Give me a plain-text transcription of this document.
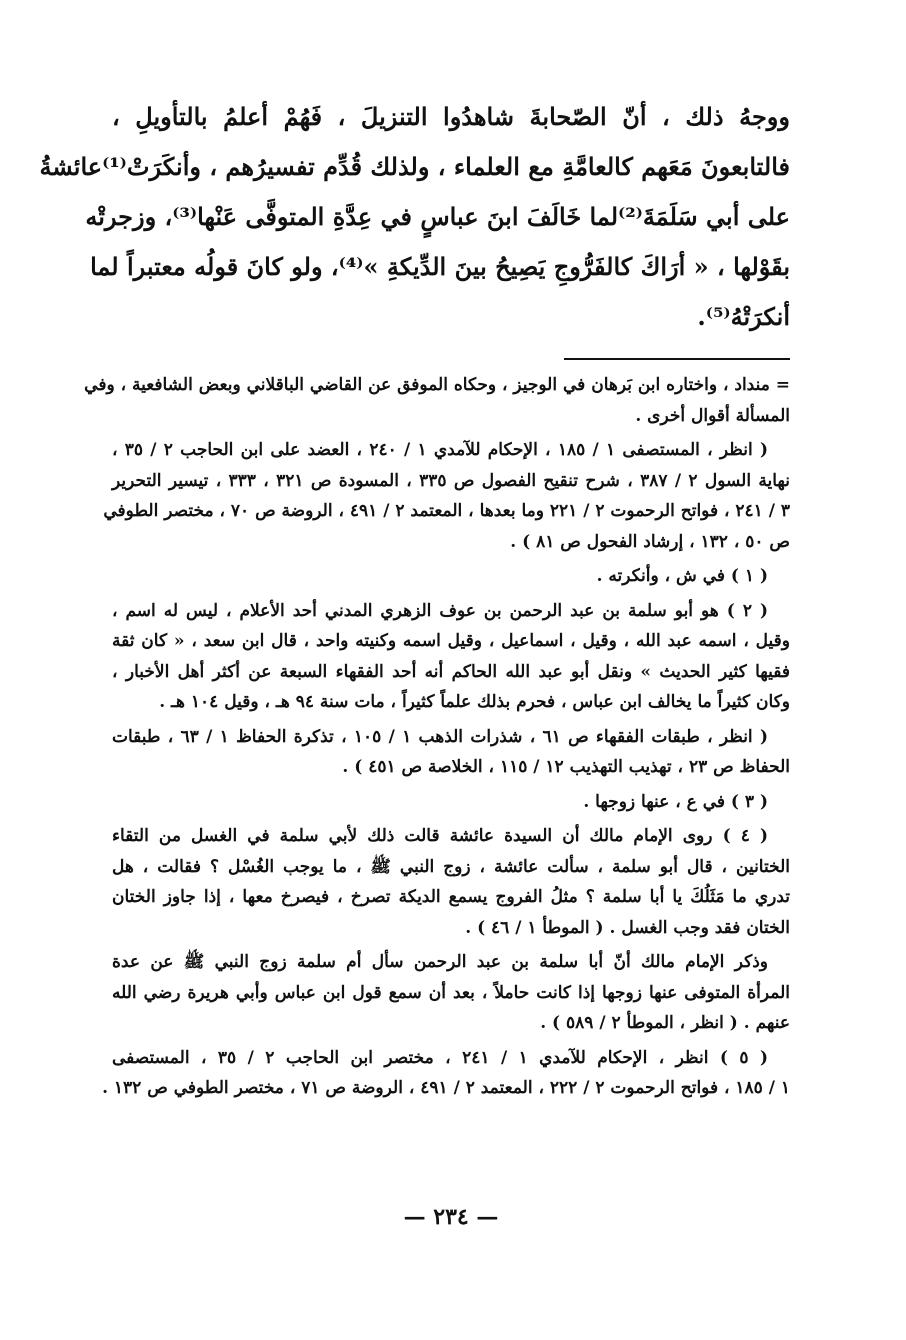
ووجهُ ذلك ، أنّ الصّحابةَ شاهدُوا التنزيلَ ، فَهُمْ أعلمُ بالتأويلِ ،
فالتابعونَ مَعَهم كالعامَّةِ مع العلماء ، ولذلك قُدِّم تفسيرُهم ، وأنكَرَتْ⁽¹⁾عائشةُ
على أبي سَلَمَةَ⁽²⁾لما خَالَفَ ابنَ عباسٍ في عِدَّةِ المتوفَّى عَنْها⁽³⁾، وزجرتْه
بقَوْلها ، « أرَاكَ كالفَرُّوجِ يَصِيحُ بينَ الدِّيكةِ »⁽⁴⁾، ولو كانَ قولُه معتبراً لما
أنكرَتْهُ⁽⁵⁾.
= منداد ، واختاره ابن بَرهان في الوجيز ، وحكاه الموفق عن القاضي الباقلاني وبعض الشافعية ، وفي
المسألة أقوال أخرى .
( انظر ، المستصفى ١ / ١٨٥ ، الإحكام للآمدي ١ / ٢٤٠ ، العضد على ابن الحاجب ٢ / ٣٥ ،
نهاية السول ٢ / ٣٨٧ ، شرح تنقيح الفصول ص ٣٣٥ ، المسودة ص ٣٢١ ، ٣٣٣ ، تيسير التحرير
٣ / ٢٤١ ، فواتح الرحموت ٢ / ٢٢١ وما بعدها ، المعتمد ٢ / ٤٩١ ، الروضة ص ٧٠ ، مختصر الطوفي
ص ٥٠ ، ١٣٢ ، إرشاد الفحول ص ٨١ ) .
( ١ ) في ش ، وأنكرته .
( ٢ ) هو أبو سلمة بن عبد الرحمن بن عوف الزهري المدني أحد الأعلام ، ليس له اسم ،
وقيل ، اسمه عبد الله ، وقيل ، اسماعيل ، وقيل اسمه وكنيته واحد ، قال ابن سعد ، « كان ثقة
فقيها كثير الحديث » ونقل أبو عبد الله الحاكم أنه أحد الفقهاء السبعة عن أكثر أهل الأخبار ،
وكان كثيراً ما يخالف ابن عباس ، فحرم بذلك علماً كثيراً ، مات سنة ٩٤ هـ ، وقيل ١٠٤ هـ .
( انظر ، طبقات الفقهاء ص ٦١ ، شذرات الذهب ١ / ١٠٥ ، تذكرة الحفاظ ١ / ٦٣ ، طبقات
الحفاظ ص ٢٣ ، تهذيب التهذيب ١٢ / ١١٥ ، الخلاصة ص ٤٥١ ) .
( ٣ ) في ع ، عنها زوجها .
( ٤ ) روى الإمام مالك أن السيدة عائشة قالت ذلك لأبي سلمة في الغسل من التقاء
الختانين ، قال أبو سلمة ، سألت عائشة ، زوج النبي ﷺ ، ما يوجب الغُسْل ؟ فقالت ، هل
تدري ما مَثَلُكَ يا أبا سلمة ؟ مثلُ الفروج يسمع الديكة تصرخ ، فيصرخ معها ، إذا جاوز الختان
الختان فقد وجب الغسل . ( الموطأ ١ / ٤٦ ) .
وذكر الإمام مالك أنّ أبا سلمة بن عبد الرحمن سأل أم سلمة زوج النبي ﷺ عن عدة
المرأة المتوفى عنها زوجها إذا كانت حاملاً ، بعد أن سمع قول ابن عباس وأبي هريرة رضي الله
عنهم . ( انظر ، الموطأ ٢ / ٥٨٩ ) .
( ٥ ) انظر ، الإحكام للآمدي ١ / ٢٤١ ، مختصر ابن الحاجب ٢ / ٣٥ ، المستصفى
١ / ١٨٥ ، فواتح الرحموت ٢ / ٢٢٢ ، المعتمد ٢ / ٤٩١ ، الروضة ص ٧١ ، مختصر الطوفي ص ١٣٢ .
— ٢٣٤ —
